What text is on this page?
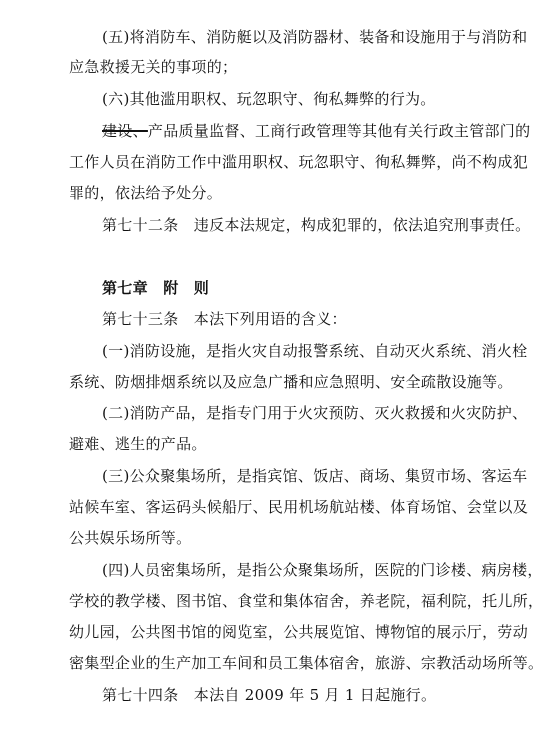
(五)将消防车、消防艇以及消防器材、装备和设施用于与消防和
应急救援无关的事项的；
(六)其他滥用职权、玩忽职守、徇私舞弊的行为。
建设、产品质量监督、工商行政管理等其他有关行政主管部门的
工作人员在消防工作中滥用职权、玩忽职守、徇私舞弊，尚不构成犯
罪的，依法给予处分。
第七十二条　违反本法规定，构成犯罪的，依法追究刑事责任。
第七章　附　则
第七十三条　本法下列用语的含义：
(一)消防设施，是指火灾自动报警系统、自动灭火系统、消火栓
系统、防烟排烟系统以及应急广播和应急照明、安全疏散设施等。
(二)消防产品，是指专门用于火灾预防、灭火救援和火灾防护、
避难、逃生的产品。
(三)公众聚集场所，是指宾馆、饭店、商场、集贸市场、客运车
站候车室、客运码头候船厅、民用机场航站楼、体育场馆、会堂以及
公共娱乐场所等。
(四)人员密集场所，是指公众聚集场所，医院的门诊楼、病房楼，
学校的教学楼、图书馆、食堂和集体宿舍，养老院，福利院，托儿所，
幼儿园，公共图书馆的阅览室，公共展览馆、博物馆的展示厅，劳动
密集型企业的生产加工车间和员工集体宿舍，旅游、宗教活动场所等。
第七十四条　本法自 2009 年 5 月 1 日起施行。
